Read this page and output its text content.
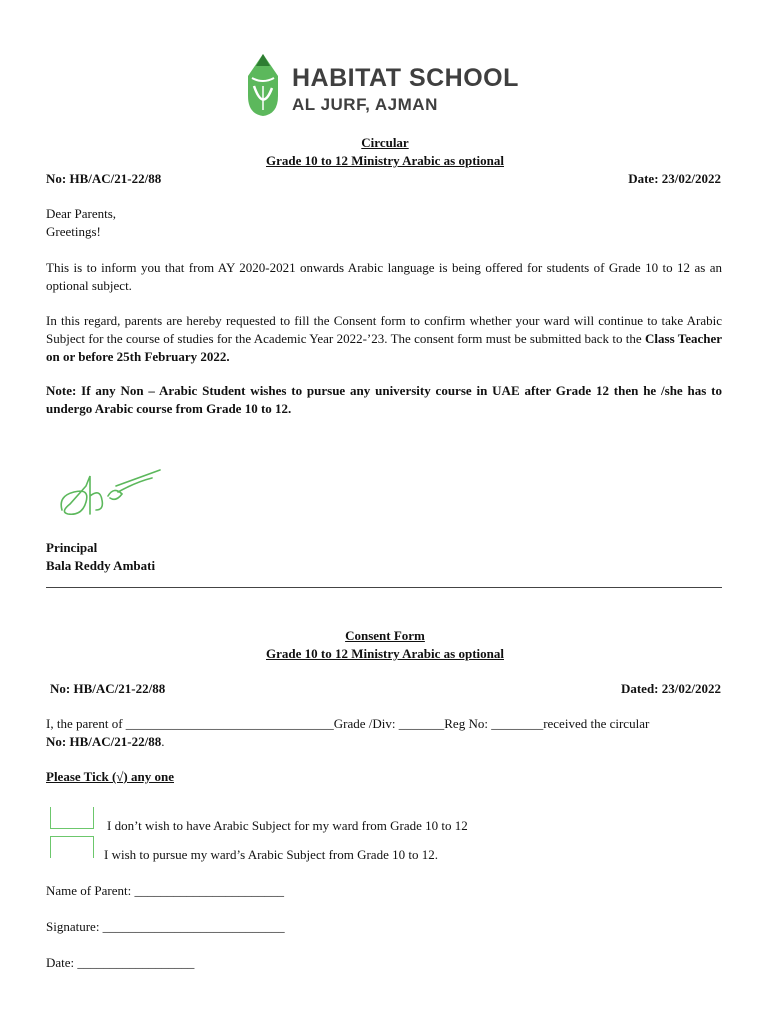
HABITAT SCHOOL
AL JURF, AJMAN
Circular
Grade 10 to 12 Ministry Arabic as optional
No: HB/AC/21-22/88	Date: 23/02/2022
Dear Parents,
Greetings!
This is to inform you that from AY 2020-2021 onwards Arabic language is being offered for students of Grade 10 to 12 as an optional subject.
In this regard, parents are hereby requested to fill the Consent form to confirm whether your ward will continue to take Arabic Subject for the course of studies for the Academic Year 2022-’23. The consent form must be submitted back to the Class Teacher on or before 25th February 2022.
Note: If any Non – Arabic Student wishes to pursue any university course in UAE after Grade 12 then he /she has to undergo Arabic course from Grade 10 to 12.
Principal
Bala Reddy Ambati
Consent Form
Grade 10 to 12 Ministry Arabic as optional
No: HB/AC/21-22/88	Dated: 23/02/2022
I, the parent of ________________________________Grade /Div: _______Reg No: ________received the circular
No: HB/AC/21-22/88.
Please Tick (√) any one
I don’t wish to have Arabic Subject for my ward from Grade 10 to 12
I wish to pursue my ward’s Arabic Subject from Grade 10 to 12.
Name of Parent: _______________________
Signature: ____________________________
Date: __________________
